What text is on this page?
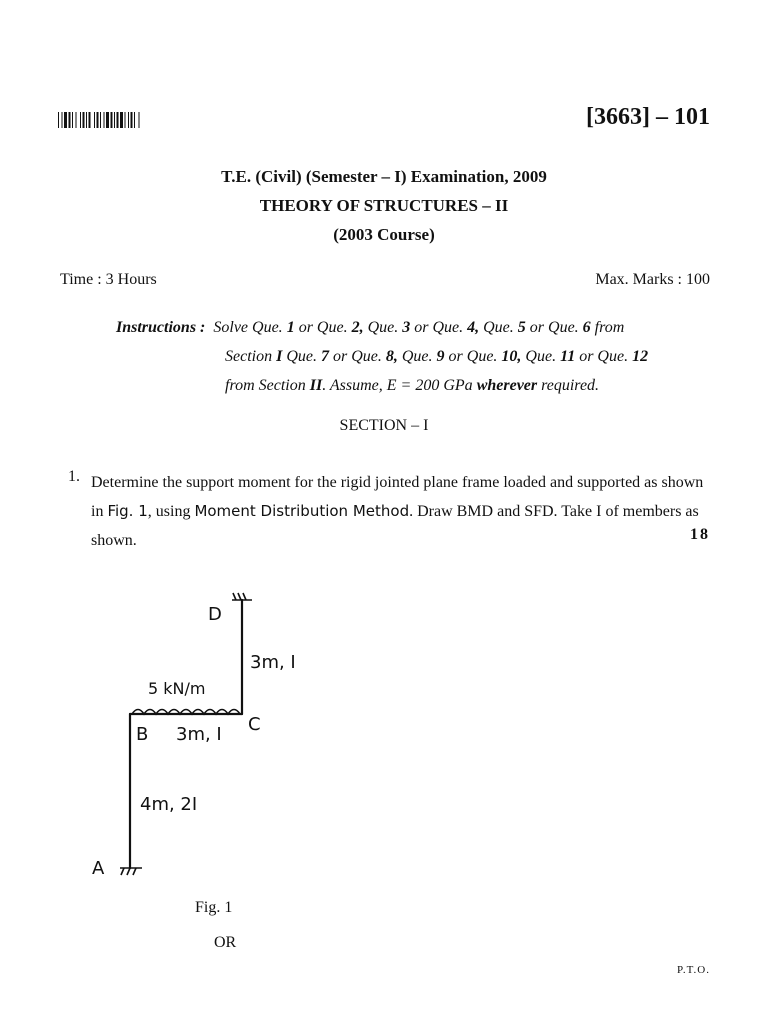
[3663] – 101
T.E. (Civil) (Semester – I) Examination, 2009
THEORY OF STRUCTURES – II
(2003 Course)
Time : 3 Hours	Max. Marks : 100
Instructions : Solve Que. 1 or Que. 2, Que. 3 or Que. 4, Que. 5 or Que. 6 from
Section I Que. 7 or Que. 8, Que. 9 or Que. 10, Que. 11 or Que. 12
from Section II. Assume, E = 200 GPa wherever required.
SECTION – I
1. Determine the support moment for the rigid jointed plane frame loaded and supported as shown in Fig. 1, using Moment Distribution Method. Draw BMD and SFD. Take I of members as shown.	18
D
3m, I
5 kN/m
B 3m, I C
4m, 2I
A
Fig. 1
OR
P.T.O.
